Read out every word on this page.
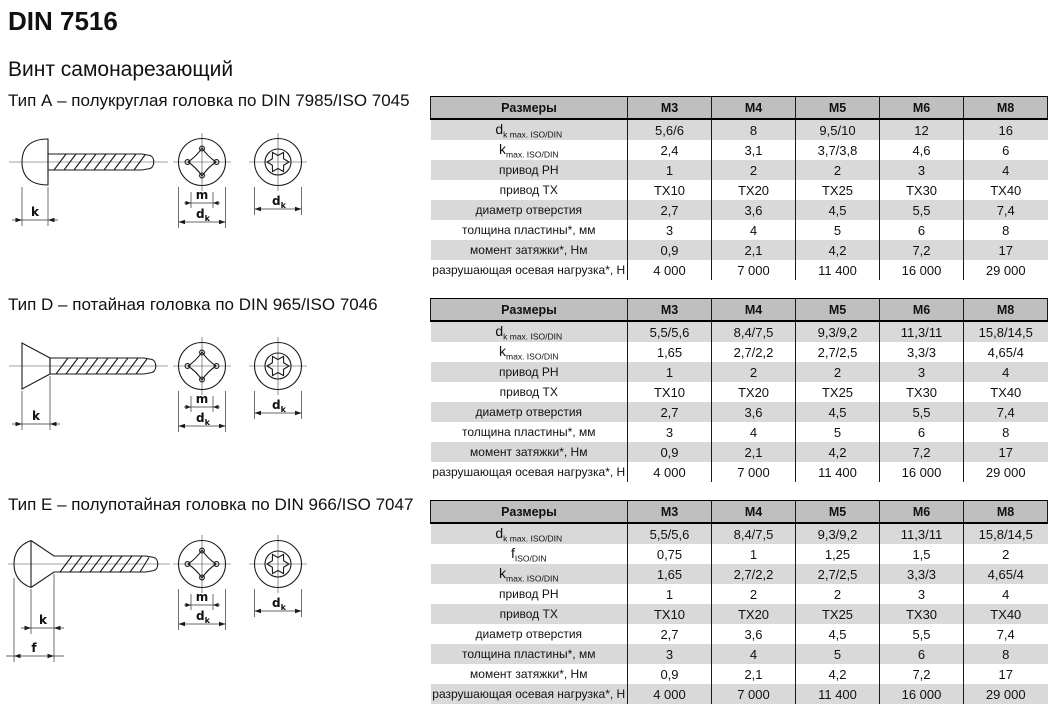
DIN 7516
Винт самонарезающий
Тип А – полукруглая головка по DIN 7985/ISO 7045
k
m
$d_k$
$d_k$
Размеры	M3	M4	M5	M6	M8
$d_{k max. ISO/DIN}$	5,6/6	8	9,5/10	12	16
$k_{max. ISO/DIN}$	2,4	3,1	3,7/3,8	4,6	6
привод PH	1	2	2	3	4
привод TX	TX10	TX20	TX25	TX30	TX40
диаметр отверстия	2,7	3,6	4,5	5,5	7,4
толщина пластины*, мм	3	4	5	6	8
момент затяжки*, Нм	0,9	2,1	4,2	7,2	17
разрушающая осевая нагрузка*, Н	4 000	7 000	11 400	16 000	29 000
Тип D – потайная головка по DIN 965/ISO 7046
k
m
$d_k$
$d_k$
Размеры	M3	M4	M5	M6	M8
$d_{k max. ISO/DIN}$	5,5/5,6	8,4/7,5	9,3/9,2	11,3/11	15,8/14,5
$k_{max. ISO/DIN}$	1,65	2,7/2,2	2,7/2,5	3,3/3	4,65/4
привод PH	1	2	2	3	4
привод TX	TX10	TX20	TX25	TX30	TX40
диаметр отверстия	2,7	3,6	4,5	5,5	7,4
толщина пластины*, мм	3	4	5	6	8
момент затяжки*, Нм	0,9	2,1	4,2	7,2	17
разрушающая осевая нагрузка*, Н	4 000	7 000	11 400	16 000	29 000
Тип Е – полупотайная головка по DIN 966/ISO 7047
k
f
m
$d_k$
$d_k$
Размеры	M3	M4	M5	M6	M8
$d_{k max. ISO/DIN}$	5,5/5,6	8,4/7,5	9,3/9,2	11,3/11	15,8/14,5
$f_{ISO/DIN}$	0,75	1	1,25	1,5	2
$k_{max. ISO/DIN}$	1,65	2,7/2,2	2,7/2,5	3,3/3	4,65/4
привод PH	1	2	2	3	4
привод TX	TX10	TX20	TX25	TX30	TX40
диаметр отверстия	2,7	3,6	4,5	5,5	7,4
толщина пластины*, мм	3	4	5	6	8
момент затяжки*, Нм	0,9	2,1	4,2	7,2	17
разрушающая осевая нагрузка*, Н	4 000	7 000	11 400	16 000	29 000
